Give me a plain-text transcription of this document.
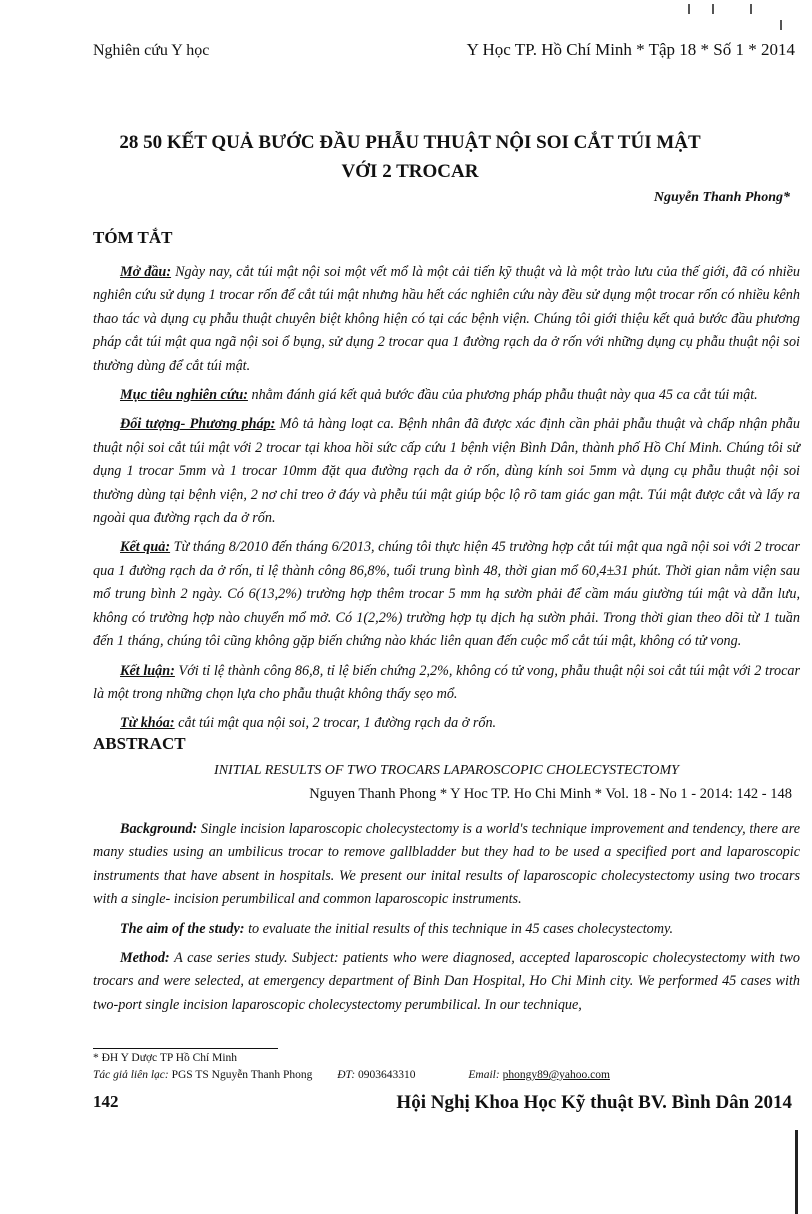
Nghiên cứu Y học	Y Học TP. Hồ Chí Minh * Tập 18 * Số 1 * 2014
28 50 KẾT QUẢ BƯỚC ĐẦU PHẪU THUẬT NỘI SOI CẮT TÚI MẬT
VỚI 2 TROCAR
Nguyễn Thanh Phong*
TÓM TẮT

Mở đầu: Ngày nay, cắt túi mật nội soi một vết mổ là một cải tiến kỹ thuật và là một trào lưu của thế giới, đã có nhiều nghiên cứu sử dụng 1 trocar rốn để cắt túi mật nhưng hầu hết các nghiên cứu này đều sử dụng một trocar rốn có nhiều kênh thao tác và dụng cụ phẫu thuật chuyên biệt không hiện có tại các bệnh viện. Chúng tôi giới thiệu kết quả bước đầu phương pháp cắt túi mật qua ngã nội soi ổ bụng, sử dụng 2 trocar qua 1 đường rạch da ở rốn với những dụng cụ phẫu thuật nội soi thường dùng để cắt túi mật.

Mục tiêu nghiên cứu: nhằm đánh giá kết quả bước đầu của phương pháp phẫu thuật này qua 45 ca cắt túi mật.

Đối tượng- Phương pháp: Mô tả hàng loạt ca. Bệnh nhân đã được xác định cần phải phẫu thuật và chấp nhận phẫu thuật nội soi cắt túi mật với 2 trocar tại khoa hồi sức cấp cứu 1 bệnh viện Bình Dân, thành phố Hồ Chí Minh. Chúng tôi sử dụng 1 trocar 5mm và 1 trocar 10mm đặt qua đường rạch da ở rốn, dùng kính soi 5mm và dụng cụ phẫu thuật nội soi thường dùng tại bệnh viện, 2 nơ chỉ treo ở đáy và phễu túi mật giúp bộc lộ rõ tam giác gan mật. Túi mật được cắt và lấy ra ngoài qua đường rạch da ở rốn.

Kết quả: Từ tháng 8/2010 đến tháng 6/2013, chúng tôi thực hiện 45 trường hợp cắt túi mật qua ngã nội soi với 2 trocar qua 1 đường rạch da ở rốn, tỉ lệ thành công 86,8%, tuổi trung bình 48, thời gian mổ 60,4±31 phút. Thời gian nằm viện sau mổ trung bình 2 ngày. Có 6(13,2%) trường hợp thêm trocar 5 mm hạ sườn phải để cầm máu giường túi mật và dẫn lưu, không có trường hợp nào chuyển mổ mở. Có 1(2,2%) trường hợp tụ dịch hạ sườn phải. Trong thời gian theo dõi từ 1 tuần đến 1 tháng, chúng tôi cũng không gặp biến chứng nào khác liên quan đến cuộc mổ cắt túi mật, không có tử vong.

Kết luận: Với tỉ lệ thành công 86,8, tỉ lệ biến chứng 2,2%, không có tử vong, phẫu thuật nội soi cắt túi mật với 2 trocar là một trong những chọn lựa cho phẫu thuật không thấy sẹo mổ.

Từ khóa: cắt túi mật qua nội soi, 2 trocar, 1 đường rạch da ở rốn.

ABSTRACT
INITIAL RESULTS OF TWO TROCARS LAPAROSCOPIC CHOLECYSTECTOMY
Nguyen Thanh Phong * Y Hoc TP. Ho Chi Minh * Vol. 18 - No 1 - 2014: 142 - 148

Background: Single incision laparoscopic cholecystectomy is a world's technique improvement and tendency, there are many studies using an umbilicus trocar to remove gallbladder but they had to be used a specified port and laparoscopic instruments that have absent in hospitals. We present our inital results of laparoscopic cholecystectomy using two trocars with a single- incision perumbilical and common laparoscopic instruments.

The aim of the study: to evaluate the initial results of this technique in 45 cases cholecystectomy.

Method: A case series study. Subject: patients who were diagnosed, accepted laparoscopic cholecystectomy with two trocars and were selected, at emergency department of Binh Dan Hospital, Ho Chi Minh city. We performed 45 cases with two-port single incision laparoscopic cholecystectomy perumbilical. In our technique,

* ĐH Y Dược TP Hồ Chí Minh
Tác giả liên lạc: PGS TS Nguyễn Thanh Phong ĐT: 0903643310	Email: phongy89@yahoo.com
142	Hội Nghị Khoa Học Kỹ thuật BV. Bình Dân 2014
